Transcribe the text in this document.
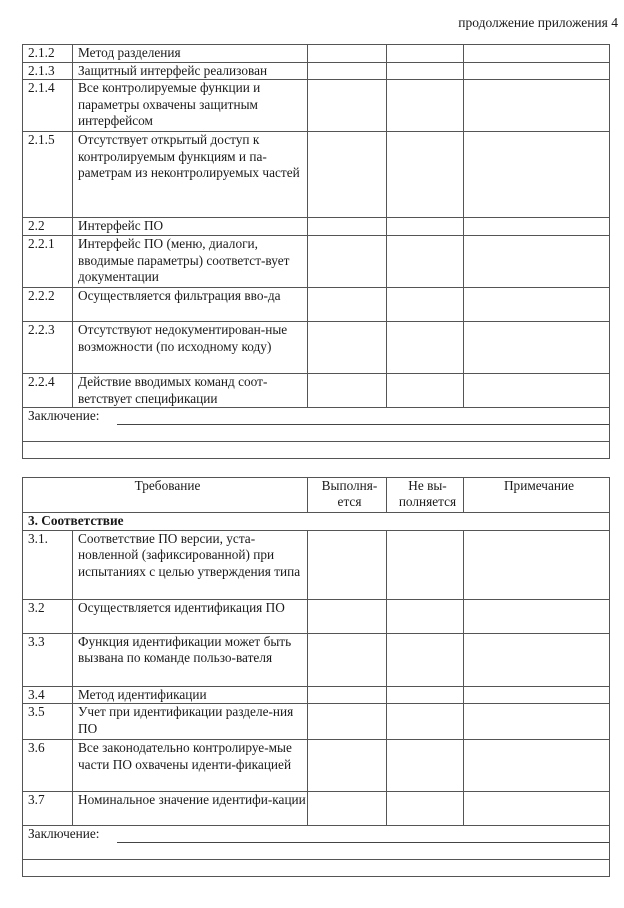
продолжение приложения 4
2.1.2	Метод разделения			
2.1.3	Защитный интерфейс реализован			
2.1.4	Все контролируемые функции и параметры охвачены защитным интерфейсом			
2.1.5	Отсутствует открытый доступ к контролируемым функциям и па-раметрам из неконтролируемых частей			
2.2	Интерфейс ПО			
2.2.1	Интерфейс ПО (меню, диалоги, вводимые параметры) соответст-вует документации			
2.2.2	Осуществляется фильтрация вво-да			
2.2.3	Отсутствуют недокументирован-ные возможности (по исходному коду)			
2.2.4	Действие вводимых команд соот-ветствует спецификации			
Заключение:				

Требование		Выполня-ется	Не вы-полняется	Примечание
3. Соответствие				
3.1.	Соответствие ПО версии, уста-новленной (зафиксированной) при испытаниях с целью утверждения типа			
3.2	Осуществляется идентификация ПО			
3.3	Функция идентификации может быть вызвана по команде пользо-вателя			
3.4	Метод идентификации			
3.5	Учет при идентификации разделе-ния ПО			
3.6	Все законодательно контролируе-мые части ПО охвачены иденти-фикацией			
3.7	Номинальное значение идентифи-кации			
Заключение:				
